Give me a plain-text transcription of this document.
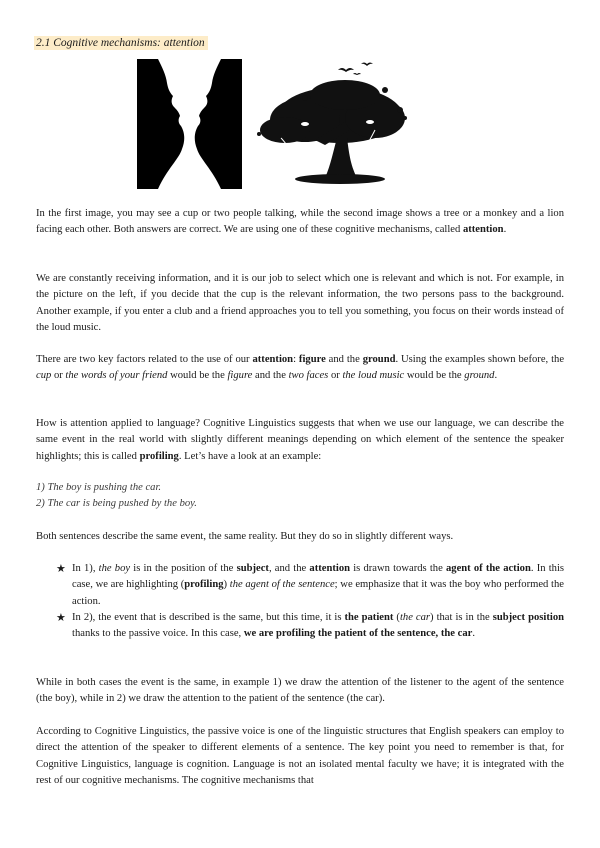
2.1 Cognitive mechanisms: attention

In the first image, you may see a cup or two people talking, while the second image shows a tree or a monkey and a lion facing each other. Both answers are correct. We are using one of these cognitive mechanisms, called attention.

We are constantly receiving information, and it is our job to select which one is relevant and which is not. For example, in the picture on the left, if you decide that the cup is the relevant information, the two persons pass to the background. Another example, if you enter a club and a friend approaches you to tell you something, you focus on their words instead of the loud music.

There are two key factors related to the use of our attention: figure and the ground. Using the examples shown before, the cup or the words of your friend would be the figure and the two faces or the loud music would be the ground.

How is attention applied to language? Cognitive Linguistics suggests that when we use our language, we can describe the same event in the real world with slightly different meanings depending on which element of the sentence the speaker highlights; this is called profiling. Let’s have a look at an example:

1) The boy is pushing the car.

2) The car is being pushed by the boy.

Both sentences describe the same event, the same reality. But they do so in slightly different ways.

★ In 1), the boy is in the position of the subject, and the attention is drawn towards the agent of the action. In this case, we are highlighting (profiling) the agent of the sentence; we emphasize that it was the boy who performed the action.
★ In 2), the event that is described is the same, but this time, it is the patient (the car) that is in the subject position thanks to the passive voice. In this case, we are profiling the patient of the sentence, the car.

While in both cases the event is the same, in example 1) we draw the attention of the listener to the agent of the sentence (the boy), while in 2) we draw the attention to the patient of the sentence (the car).

According to Cognitive Linguistics, the passive voice is one of the linguistic structures that English speakers can employ to direct the attention of the speaker to different elements of a sentence. The key point you need to remember is that, for Cognitive Linguistics, language is cognition. Language is not an isolated mental faculty we have; it is integrated with the rest of our cognitive mechanisms. The cognitive mechanisms that
